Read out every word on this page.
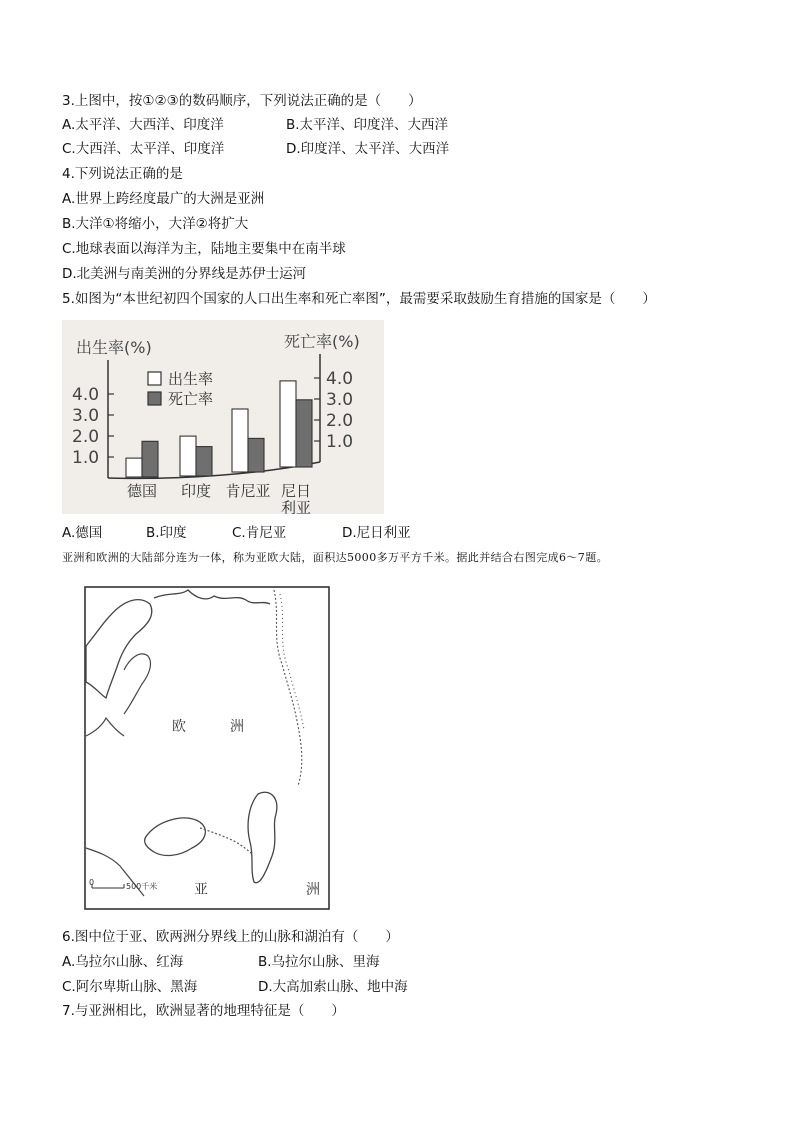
3.上图中，按①②③的数码顺序，下列说法正确的是（　　）
A.太平洋、大西洋、印度洋	B.太平洋、印度洋、大西洋
C.大西洋、太平洋、印度洋	D.印度洋、太平洋、大西洋
4.下列说法正确的是
A.世界上跨经度最广的大洲是亚洲
B.大洋①将缩小，大洋②将扩大
C.地球表面以海洋为主，陆地主要集中在南半球
D.北美洲与南美洲的分界线是苏伊士运河
5.如图为“本世纪初四个国家的人口出生率和死亡率图”，最需要采取鼓励生育措施的国家是（　　）
出生率(%)	死亡率(%)
出生率
死亡率
1.0
2.0
3.0
4.0
1.0
2.0
3.0
4.0
德国 印度 肯尼亚 尼日
利亚
A.德国	B.印度	C.肯尼亚	D.尼日利亚
亚洲和欧洲的大陆部分连为一体，称为亚欧大陆，面积达5000多万平方千米。据此并结合右图完成6～7题。
欧	洲
亚	洲
0	500千米
6.图中位于亚、欧两洲分界线上的山脉和湖泊有（　　）
A.乌拉尔山脉、红海	B.乌拉尔山脉、里海
C.阿尔卑斯山脉、黑海	D.大高加索山脉、地中海
7.与亚洲相比，欧洲显著的地理特征是（　　）
